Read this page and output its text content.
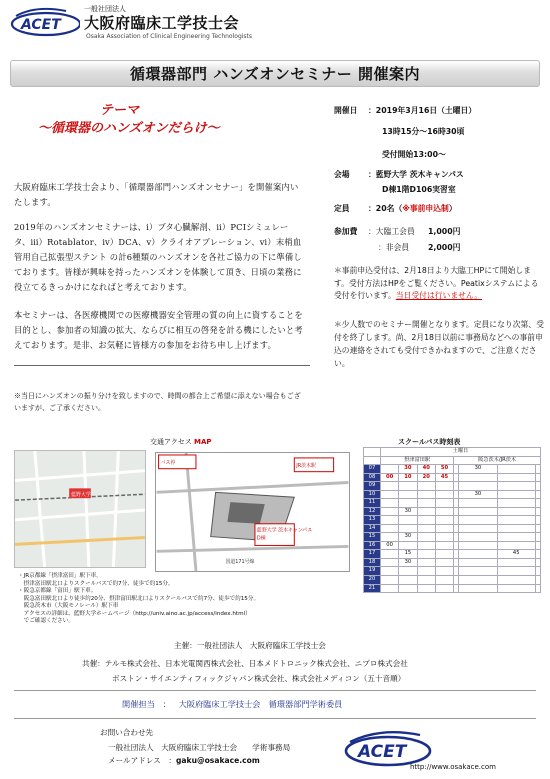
ACET
一般社団法人
大阪府臨床工学技士会
Osaka Association of Clinical Engineering Technologists
循環器部門 ハンズオンセミナー 開催案内
テーマ
～循環器のハンズオンだらけ～
大阪府臨床工学技士会より、「循環器部門ハンズオンセナー」を開催案内いたします。
2019年のハンズオンセミナーは、ⅰ）ブタ心臓解剖、ⅱ）PCIシミュレータ、ⅲ）Rotablator、ⅳ）DCA、ⅴ）クライオアブレーション、ⅵ）末梢血管用自己拡張型ステント の計6種類のハンズオンを各社ご協力の下に準備しております。皆様が興味を持ったハンズオンを体験して頂き、日頃の業務に役立てるきっかけになればと考えております。
本セミナーは、各医療機関での医療機器安全管理の質の向上に資することを目的とし、参加者の知識の拡大、ならびに相互の啓発を計る機にしたいと考えております。是非、お気軽に皆様方の参加をお待ち申し上げます。
※当日にハンズオンの振り分けを致しますので、時間の都合上ご希望に添えない場合もございますが、ご了承ください。
開催日 ：2019年3月16日（土曜日）
13時15分～16時30頃
受付開始13:00～
会場 ：藍野大学 茨木キャンパス
D棟1階D106実習室
定員 ：20名（※事前申込制）
参加費 ：大臨工会員 1,000円
：非会員 2,000円
＊事前申込受付は、2月18日より大臨工HPにて開始します。受付方法はHPをご覧ください。Peatixシステムによる受付を行います。当日受付は行いません。
＊少人数でのセミナー開催となります。定員になり次第、受付を終了します。尚、2月18日以前に事務局などへの事前申込の連絡をされても受付できかねますので、ご注意ください。
交通アクセス MAP
藍野大学
藍野大学 茨木キャンパス
D棟
バス停	JR茨木駅
国道171号線
スクールバス時刻表
	土曜日							
	摂津富田駅				阪急茨木/JR茨木			
07		30	40	50		30		
08	00	10	20	45				
09								
10						30		
11								
12		30						
13								
14								
15		30						
16	00							
17		15					45	
18		30						
19								
20								
21								
・JR京都線「摂津富田」駅下車。
　摂津富田駅北口よりスクールバスで約7分、徒歩で約15分。
・阪急京都線「富田」駅下車。
　阪急富田駅北口より徒歩約20分、摂津富田駅北口よりスクールバスで約7分、徒歩で約15分。
　阪急茨木市（大阪モノレール）駅下車
　アクセスの詳細は、藍野大学ホームページ（http://univ.aino.ac.jp/access/index.html）
　でご確認ください。
主催：一般社団法人　大阪府臨床工学技士会
共催：テルモ株式会社、日本光電関西株式会社、日本メドトロニック株式会社、ニプロ株式会社
ボストン・サイエンティフィックジャパン株式会社、株式会社メディコン（五十音順）
開催担当 ： 大阪府臨床工学技士会　循環器部門学術委員
お問い合わせ先
一般社団法人　大阪府臨床工学技士会　　学術事務局
メールアドレス　：gaku@osakace.com	ACET
http://www.osakace.com
